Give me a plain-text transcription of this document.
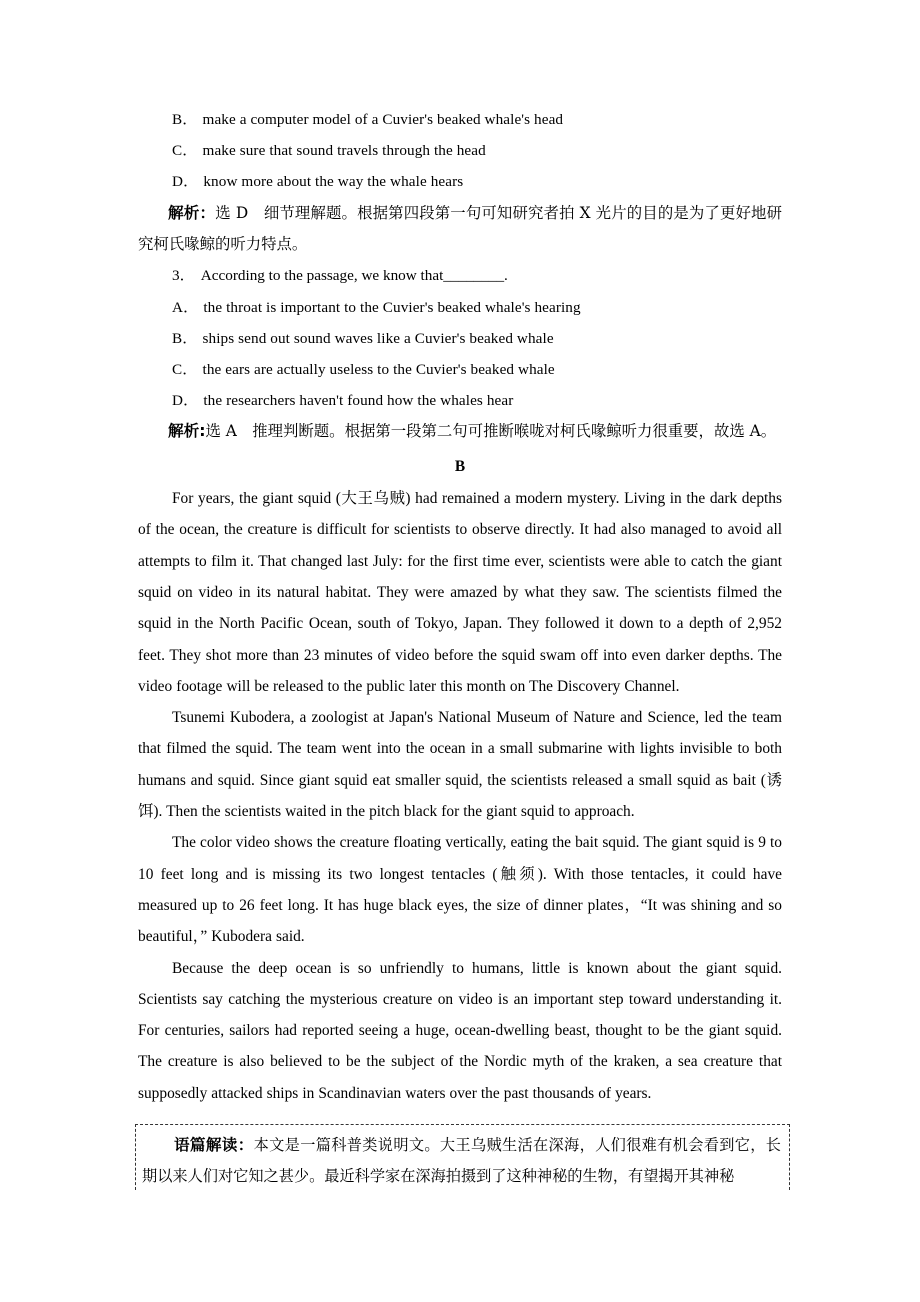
B． make a computer model of a Cuvier's beaked whale's head
C． make sure that sound travels through the head
D． know more about the way the whale hears
解析：选 D　细节理解题。根据第四段第一句可知研究者拍 X 光片的目的是为了更好地研究柯氏喙鲸的听力特点。
3． According to the passage, we know that________.
A． the throat is important to the Cuvier's beaked whale's hearing
B． ships send out sound waves like a Cuvier's beaked whale
C． the ears are actually useless to the Cuvier's beaked whale
D． the researchers haven't found how the whales hear
解析:选 A　推理判断题。根据第一段第二句可推断喉咙对柯氏喙鲸听力很重要，故选 A。
B

For years, the giant squid (大王乌贼) had remained a modern mystery. Living in the dark depths of the ocean, the creature is difficult for scientists to observe directly. It had also managed to avoid all attempts to film it. That changed last July: for the first time ever, scientists were able to catch the giant squid on video in its natural habitat. They were amazed by what they saw. The scientists filmed the squid in the North Pacific Ocean, south of Tokyo, Japan. They followed it down to a depth of 2,952 feet. They shot more than 23 minutes of video before the squid swam off into even darker depths. The video footage will be released to the public later this month on The Discovery Channel.

Tsunemi Kubodera, a zoologist at Japan's National Museum of Nature and Science, led the team that filmed the squid. The team went into the ocean in a small submarine with lights invisible to both humans and squid. Since giant squid eat smaller squid, the scientists released a small squid as bait (诱饵). Then the scientists waited in the pitch black for the giant squid to approach.

The color video shows the creature floating vertically, eating the bait squid. The giant squid is 9 to 10 feet long and is missing its two longest tentacles (触须). With those tentacles, it could have measured up to 26 feet long. It has huge black eyes, the size of dinner plates，“It was shining and so beautiful，” Kubodera said.

Because the deep ocean is so unfriendly to humans, little is known about the giant squid. Scientists say catching the mysterious creature on video is an important step toward understanding it. For centuries, sailors had reported seeing a huge, ocean-dwelling beast, thought to be the giant squid. The creature is also believed to be the subject of the Nordic myth of the kraken, a sea creature that supposedly attacked ships in Scandinavian waters over the past thousands of years.

语篇解读：本文是一篇科普类说明文。大王乌贼生活在深海，人们很难有机会看到它，长期以来人们对它知之甚少。最近科学家在深海拍摄到了这种神秘的生物，有望揭开其神秘
